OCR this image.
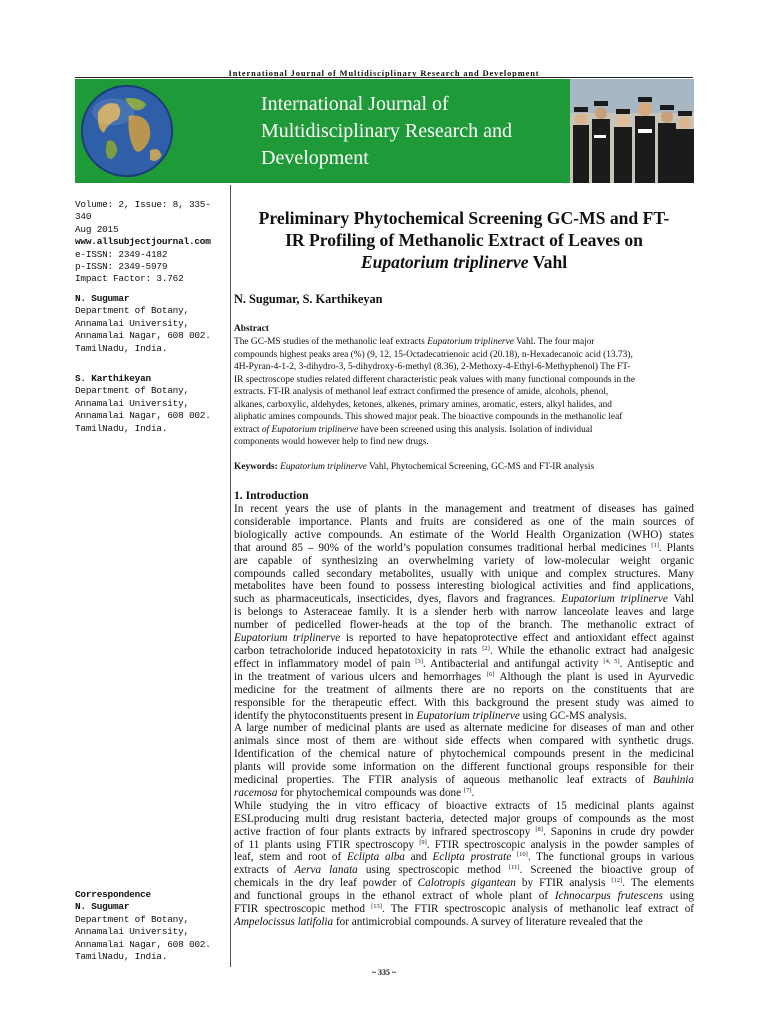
International Journal of Multidisciplinary Research and Development
International Journal of
Multidisciplinary Research and
Development
Volume: 2, Issue: 8, 335-340
Aug 2015
www.allsubjectjournal.com
e-ISSN: 2349-4182
p-ISSN: 2349-5979
Impact Factor: 3.762
N. Sugumar
Department of Botany,
Annamalai University,
Annamalai Nagar, 608 002.
TamilNadu, India.
S. Karthikeyan
Department of Botany,
Annamalai University,
Annamalai Nagar, 608 002.
TamilNadu, India.
Correspondence
N. Sugumar
Department of Botany,
Annamalai University,
Annamalai Nagar, 608 002.
TamilNadu, India.
Preliminary Phytochemical Screening GC-MS and FT-
IR Profiling of Methanolic Extract of Leaves on
Eupatorium triplinerve Vahl
N. Sugumar, S. Karthikeyan
Abstract
The GC-MS studies of the methanolic leaf extracts Eupatorium triplinerve Vahl. The four major
compounds highest peaks area (%) (9, 12, 15-Octadecatrienoic acid (20.18), n-Hexadecanoic acid (13.73),
4H-Pyran-4-1-2, 3-dihydro-3, 5-dihydroxy-6-methyl (8.36), 2-Methoxy-4-Ethyl-6-Methyphenol) The FT-
IR spectroscope studies related different characteristic peak values with many functional compounds in the
extracts. FT-IR analysis of methanol leaf extract confirmed the presence of amide, alcohols, phenol,
alkanes, carboxylic, aldehydes, ketones, alkenes, primary amines, aromatic, esters, alkyl halides, and
aliphatic amines compounds. This showed major peak. The bioactive compounds in the methanolic leaf
extract of Eupatorium triplinerve have been screened using this analysis. Isolation of individual
components would however help to find new drugs.
Keywords: Eupatorium triplinerve Vahl, Phytochemical Screening, GC-MS and FT-IR analysis
1. Introduction
In recent years the use of plants in the management and treatment of diseases has gained
considerable importance. Plants and fruits are considered as one of the main sources of
biologically active compounds. An estimate of the World Health Organization (WHO) states
that around 85 – 90% of the world’s population consumes traditional herbal medicines [1]. Plants
are capable of synthesizing an overwhelming variety of low-molecular weight organic
compounds called secondary metabolites, usually with unique and complex structures. Many
metabolites have been found to possess interesting biological activities and find applications,
such as pharmaceuticals, insecticides, dyes, flavors and fragrances. Eupatorium triplinerve Vahl
is belongs to Asteraceae family. It is a slender herb with narrow lanceolate leaves and large
number of pedicelled flower-heads at the top of the branch. The methanolic extract of
Eupatorium triplinerve is reported to have hepatoprotective effect and antioxidant effect against
carbon tetracholoride induced hepatotoxicity in rats [2]. While the ethanolic extract had analgesic
effect in inflammatory model of pain [3]. Antibacterial and antifungal activity [4, 5]. Antiseptic and
in the treatment of various ulcers and hemorrhages [6] Although the plant is used in Ayurvedic
medicine for the treatment of ailments there are no reports on the constituents that are
responsible for the therapeutic effect. With this background the present study was aimed to
identify the phytoconstituents present in Eupatorium triplinerve using GC-MS analysis.
A large number of medicinal plants are used as alternate medicine for diseases of man and other
animals since most of them are without side effects when compared with synthetic drugs.
Identification of the chemical nature of phytochemical compounds present in the medicinal
plants will provide some information on the different functional groups responsible for their
medicinal properties. The FTIR analysis of aqueous methanolic leaf extracts of Bauhinia
racemosa for phytochemical compounds was done [7].
While studying the in vitro efficacy of bioactive extracts of 15 medicinal plants against
ESLproducing multi drug resistant bacteria, detected major groups of compounds as the most
active fraction of four plants extracts by infrared spectroscopy [8]. Saponins in crude dry powder
of 11 plants using FTIR spectroscopy [9]. FTIR spectroscopic analysis in the powder samples of
leaf, stem and root of Eclipta alba and Eclipta prostrate [10]. The functional groups in various
extracts of Aerva lanata using spectroscopic method [11]. Screened the bioactive group of
chemicals in the dry leaf powder of Calotropis gigantean by FTIR analysis [12]. The elements
and functional groups in the ethanol extract of whole plant of Ichnocarpus frutescens using
FTIR spectroscopic method [13]. The FTIR spectroscopic analysis of methanolic leaf extract of
Ampelocissus latifolia for antimicrobial compounds. A survey of literature revealed that the
~ 335 ~
